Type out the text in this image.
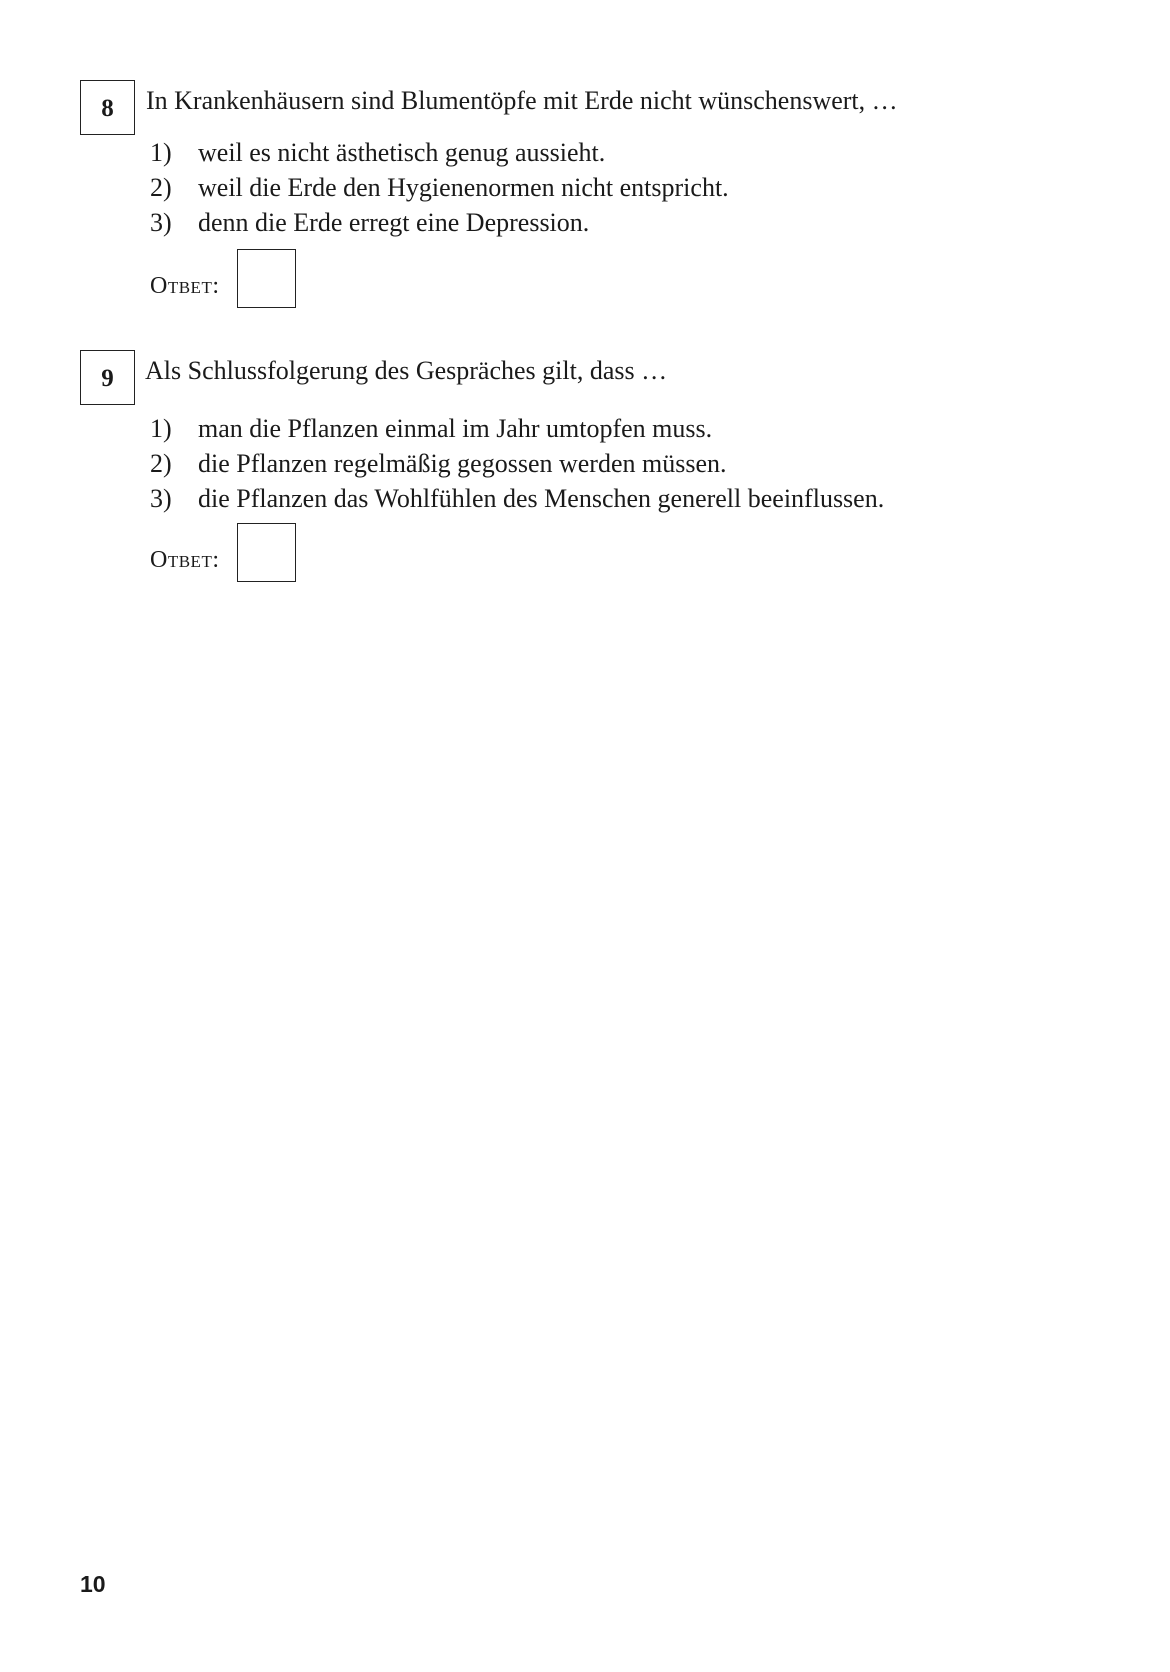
8	In Krankenhäusern sind Blumentöpfe mit Erde nicht wünschenswert, …
1) weil es nicht ästhetisch genug aussieht.
2) weil die Erde den Hygienenormen nicht entspricht.
3) denn die Erde erregt eine Depression.
Ответ:
9	Als Schlussfolgerung des Gespräches gilt, dass …
1) man die Pflanzen einmal im Jahr umtopfen muss.
2) die Pflanzen regelmäßig gegossen werden müssen.
3) die Pflanzen das Wohlfühlen des Menschen generell beeinflussen.
Ответ:
10
